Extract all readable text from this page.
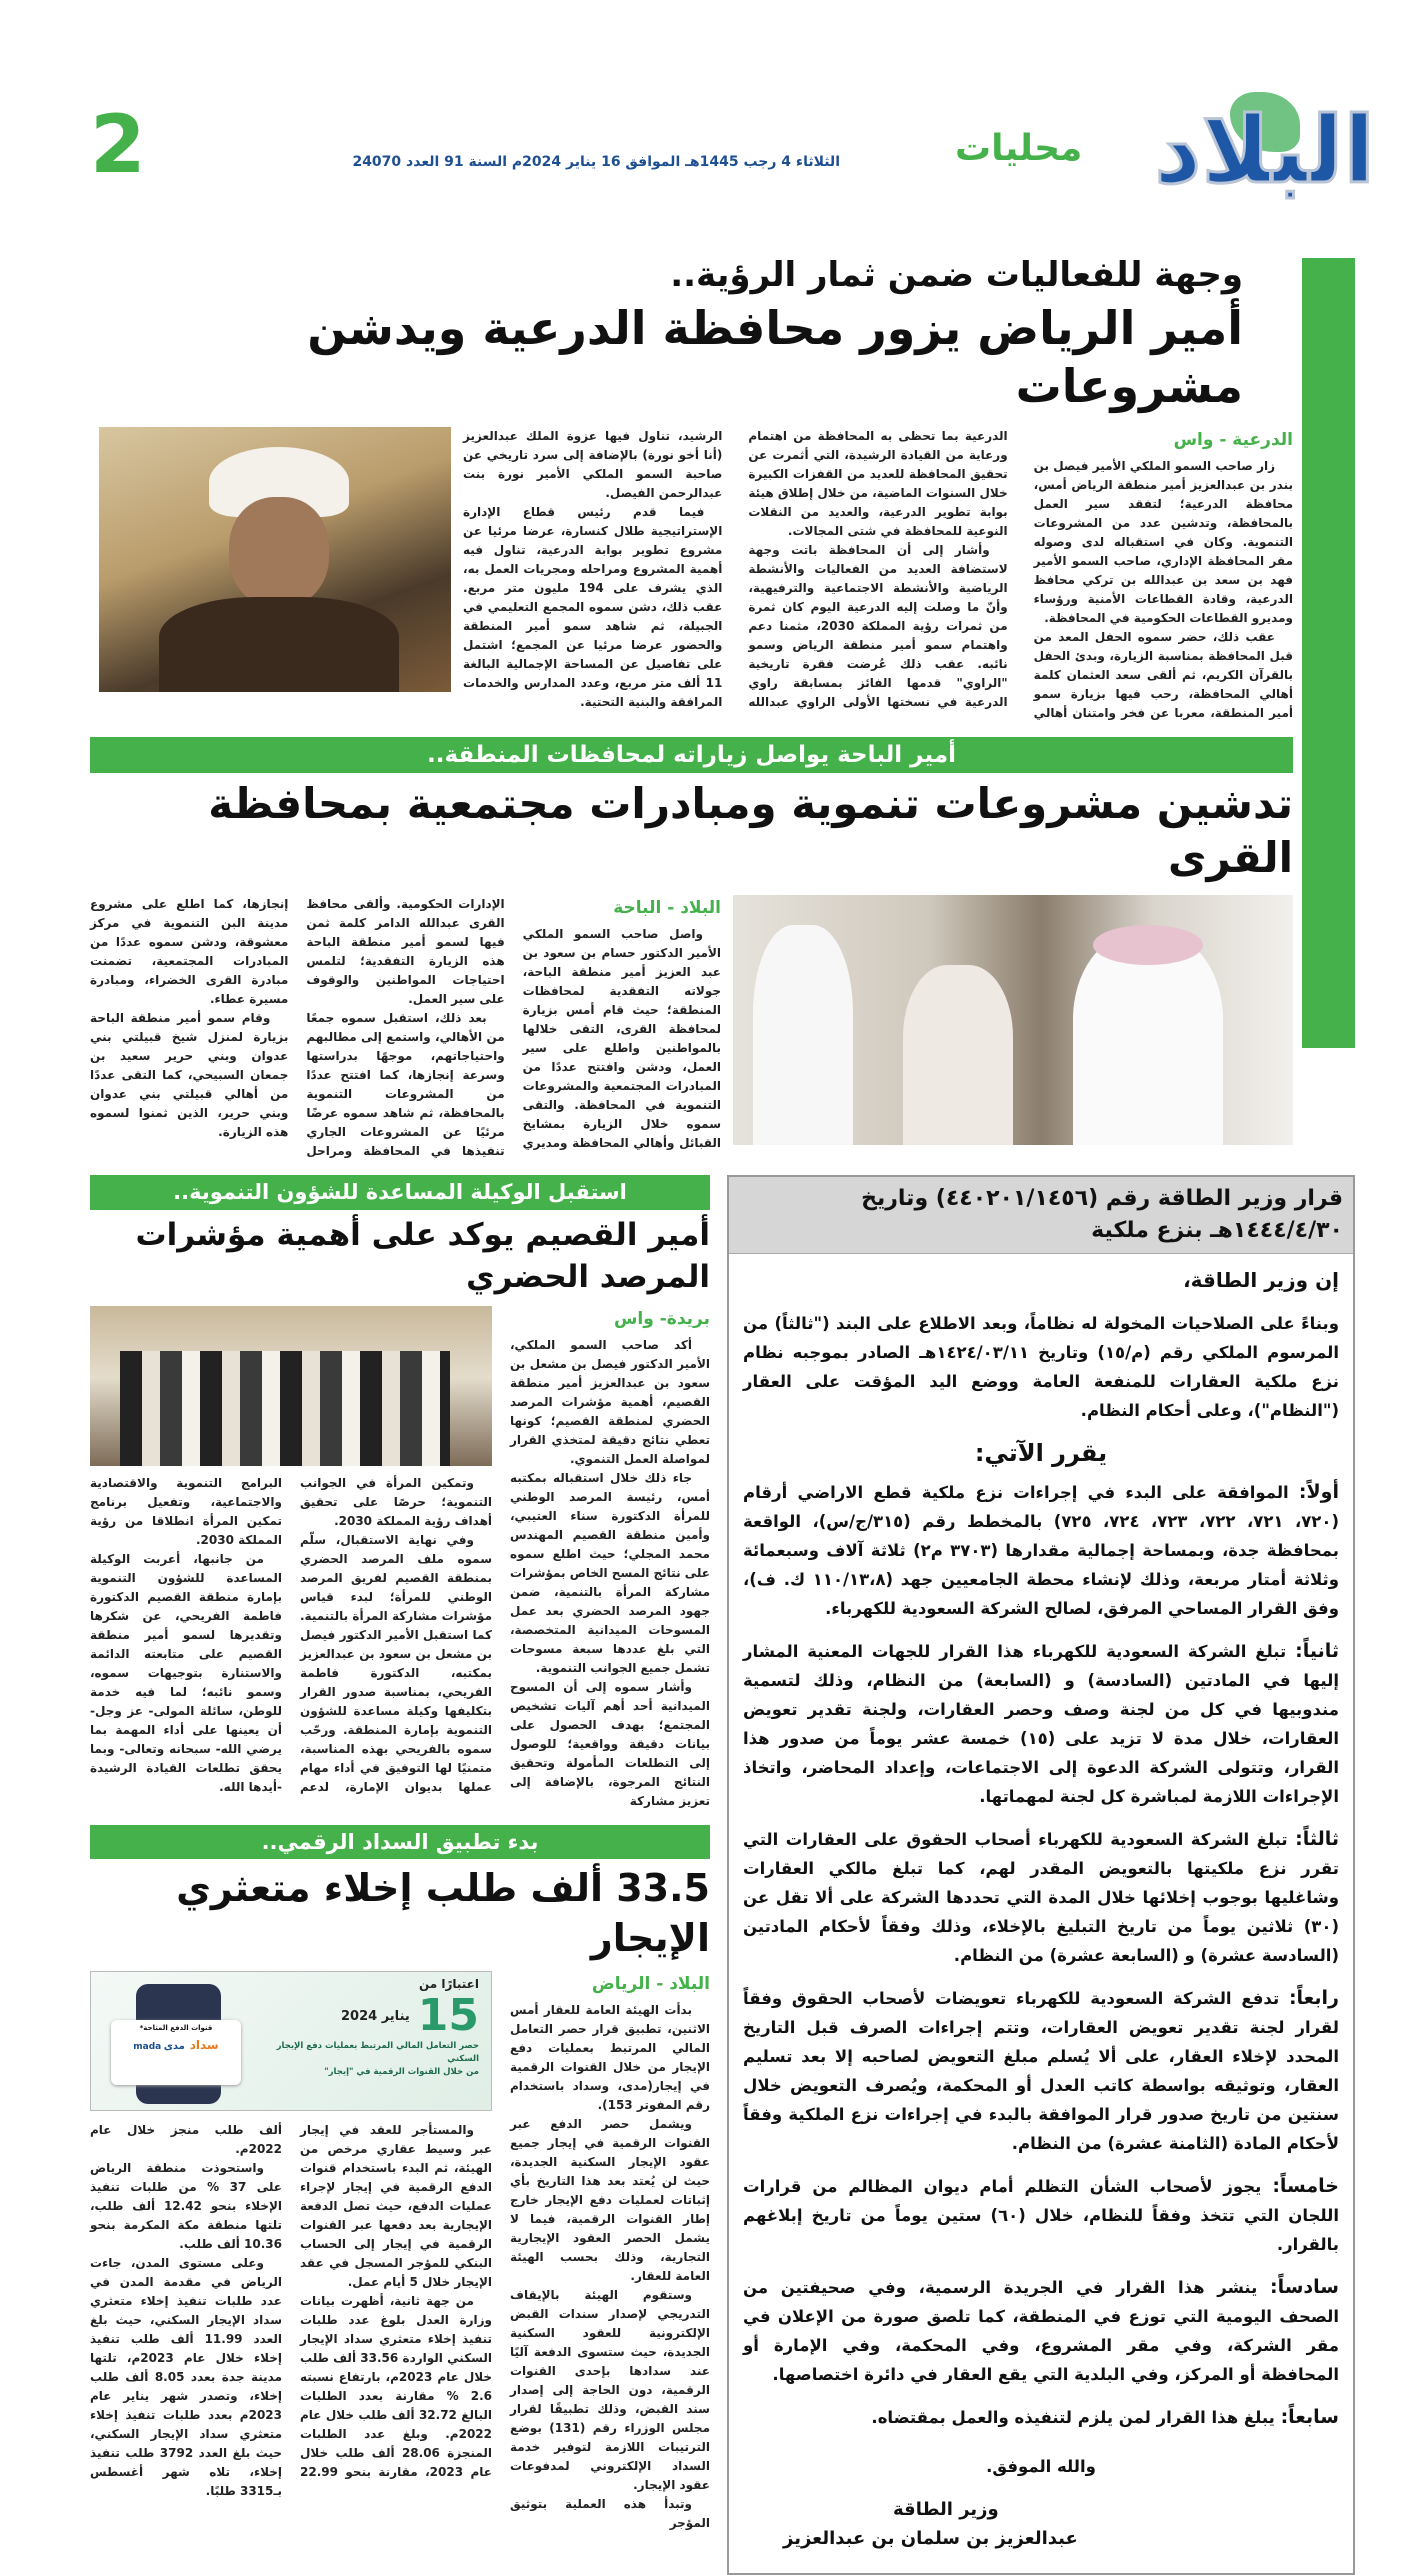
البلاد
محليات
الثلاثاء 4 رجب 1445هـ الموافق 16 يناير 2024م السنة 91 العدد 24070
2
وجهة للفعاليات ضمن ثمار الرؤية..
أمير الرياض يزور محافظة الدرعية ويدشن مشروعات

الدرعية - واس

زار صاحب السمو الملكي الأمير فيصل بن بندر بن عبدالعزيز أمير منطقة الرياض أمس، محافظة الدرعية؛ لتفقد سير العمل بالمحافظة، وتدشين عدد من المشروعات التنموية. وكان في استقباله لدى وصوله مقر المحافظة الإداري، صاحب السمو الأمير فهد بن سعد بن عبدالله بن تركي محافظ الدرعية، وقادة القطاعات الأمنية ورؤساء ومديرو القطاعات الحكومية في المحافظة.

عقب ذلك، حضر سموه الحفل المعد من قبل المحافظة بمناسبة الزيارة، وبدئ الحفل بالقرآن الكريم، ثم ألقى سعد العثمان كلمة أهالي المحافظة، رحب فيها بزيارة سمو أمير المنطقة، معربا عن فخر وامتنان أهالي الدرعية بما تحظى به المحافظة من اهتمام ورعاية من القيادة الرشيدة، التي أثمرت عن تحقيق المحافظة للعديد من القفزات الكبيرة خلال السنوات الماضية، من خلال إطلاق هيئة بوابة تطوير الدرعية، والعديد من النقلات النوعية للمحافظة في شتى المجالات.

وأشار إلى أن المحافظة باتت وجهة لاستضافة العديد من الفعاليات والأنشطة الرياضية والأنشطة الاجتماعية والترفيهية، وأنّ ما وصلت إليه الدرعية اليوم كان ثمرة من ثمرات رؤية المملكة 2030، مثمنا دعم واهتمام سمو أمير منطقة الرياض وسمو نائبه. عقب ذلك عُرضت فقرة تاريخية "الراوي" قدمها الفائز بمسابقة راوي الدرعية في نسختها الأولى الراوي عبدالله الرشيد، تناول فيها عزوة الملك عبدالعزيز (أنا أخو نورة) بالإضافة إلى سرد تاريخي عن صاحبة السمو الملكي الأمير نورة بنت عبدالرحمن الفيصل.

فيما قدم رئيس قطاع الإدارة الإستراتيجية طلال كنسارة، عرضا مرئيا عن مشروع تطوير بوابة الدرعية، تناول فيه أهمية المشروع ومراحله ومجريات العمل به، الذي يشرف على 194 مليون متر مربع. عقب ذلك، دشن سموه المجمع التعليمي في الجبيلة، ثم شاهد سمو أمير المنطقة والحضور عرضا مرئيا عن المجمع؛ اشتمل على تفاصيل عن المساحة الإجمالية البالغة 11 ألف متر مربع، وعدد المدارس والخدمات المرافقة والبنية التحتية.

أمير الباحة يواصل زياراته لمحافظات المنطقة..
تدشين مشروعات تنموية ومبادرات مجتمعية بمحافظة القرى

البلاد - الباحة

واصل صاحب السمو الملكي الأمير الدكتور حسام بن سعود بن عبد العزيز أمير منطقة الباحة، جولاته التفقدية لمحافظات المنطقة؛ حيث قام أمس بزيارة لمحافظة القرى، التقى خلالها بالمواطنين واطلع على سير العمل، ودشن وافتتح عددًا من المبادرات المجتمعية والمشروعات التنموية في المحافظة. والتقى سموه خلال الزيارة بمشايخ القبائل وأهالي المحافظة ومديري الإدارات الحكومية. وألقى محافظ القرى عبدالله الدامر كلمة ثمن فيها لسمو أمير منطقة الباحة هذه الزيارة التفقدية؛ لتلمس احتياجات المواطنين والوقوف على سير العمل.

بعد ذلك، استقبل سموه جمعًا من الأهالي، واستمع إلى مطالبهم واحتياجاتهم، موجهًا بدراستها وسرعة إنجازها، كما افتتح عددًا من المشروعات التنموية بالمحافظة، ثم شاهد سموه عرضًا مرئيًا عن المشروعات الجاري تنفيذها في المحافظة ومراحل إنجازها، كما اطلع على مشروع مدينة البن التنموية في مركز معشوقة، ودشن سموه عددًا من المبادرات المجتمعية، تضمنت مبادرة القرى الخضراء، ومبادرة مسيرة عطاء.

وقام سمو أمير منطقة الباحة بزيارة لمنزل شيخ قبيلتي بني عدوان وبني حرير سعيد بن جمعان السبيحي، كما التقى عددًا من أهالي قبيلتي بني عدوان وبني حرير، الذين ثمنوا لسموه هذه الزيارة.

قرار وزير الطاقة رقم (٤٤٠٢٠١/١٤٥٦) وتاريخ ١٤٤٤/٤/٣٠هـ بنزع ملكية

إن وزير الطاقة،

وبناءً على الصلاحيات المخولة له نظاماً، وبعد الاطلاع على البند ("ثالثاً) من المرسوم الملكي رقم (م/١٥) وتاريخ ١٤٢٤/٠٣/١١هـ الصادر بموجبه نظام نزع ملكية العقارات للمنفعة العامة ووضع اليد المؤقت على العقار ("النظام")، وعلى أحكام النظام.

يقرر الآتي:

أولاً: الموافقة على البدء في إجراءات نزع ملكية قطع الاراضي أرقام (٧٢٠، ٧٢١، ٧٢٢، ٧٢٣، ٧٢٤، ٧٢٥) بالمخطط رقم (٣١٥/ج/س)، الواقعة بمحافظة جدة، وبمساحة إجمالية مقدارها (٣٧٠٣ م٢) ثلاثة آلاف وسبعمائة وثلاثة أمتار مربعة، وذلك لإنشاء محطة الجامعيين جهد (١١٠/١٣،٨ ك. ف)، وفق القرار المساحي المرفق، لصالح الشركة السعودية للكهرباء.

ثانياً: تبلغ الشركة السعودية للكهرباء هذا القرار للجهات المعنية المشار إليها في المادتين (السادسة) و (السابعة) من النظام، وذلك لتسمية مندوبيها في كل من لجنة وصف وحصر العقارات، ولجنة تقدير تعويض العقارات، خلال مدة لا تزيد على (١٥) خمسة عشر يوماً من صدور هذا القرار، وتتولى الشركة الدعوة إلى الاجتماعات، وإعداد المحاضر، واتخاذ الإجراءات اللازمة لمباشرة كل لجنة لمهماتها.

ثالثاً: تبلغ الشركة السعودية للكهرباء أصحاب الحقوق على العقارات التي تقرر نزع ملكيتها بالتعويض المقدر لهم، كما تبلغ مالكي العقارات وشاغليها بوجوب إخلائها خلال المدة التي تحددها الشركة على ألا تقل عن (٣٠) ثلاثين يوماً من تاريخ التبليغ بالإخلاء، وذلك وفقاً لأحكام المادتين (السادسة عشرة) و (السابعة عشرة) من النظام.

رابعاً: تدفع الشركة السعودية للكهرباء تعويضات لأصحاب الحقوق وفقاً لقرار لجنة تقدير تعويض العقارات، وتتم إجراءات الصرف قبل التاريخ المحدد لإخلاء العقار، على ألا يُسلم مبلغ التعويض لصاحبه إلا بعد تسليم العقار، وتوثيقه بواسطة كاتب العدل أو المحكمة، ويُصرف التعويض خلال سنتين من تاريخ صدور قرار الموافقة بالبدء في إجراءات نزع الملكية وفقاً لأحكام المادة (الثامنة عشرة) من النظام.

خامساً: يجوز لأصحاب الشأن التظلم أمام ديوان المظالم من قرارات اللجان التي تتخذ وفقاً للنظام، خلال (٦٠) ستين يوماً من تاريخ إبلاغهم بالقرار.

سادساً: ينشر هذا القرار في الجريدة الرسمية، وفي صحيفتين من الصحف اليومية التي توزع في المنطقة، كما تلصق صورة من الإعلان في مقر الشركة، وفي مقر المشروع، وفي المحكمة، وفي الإمارة أو المحافظة أو المركز، وفي البلدية التي يقع العقار في دائرة اختصاصها.

سابعاً: يبلغ هذا القرار لمن يلزم لتنفيذه والعمل بمقتضاه.

والله الموفق.

وزير الطاقة
عبدالعزيز بن سلمان بن عبدالعزيز
استقبل الوكيلة المساعدة للشؤون التنموية..
أمير القصيم يوكد على أهمية مؤشرات المرصد الحضري

بريدة- واس

أكد صاحب السمو الملكي، الأمير الدكتور فيصل بن مشعل بن سعود بن عبدالعزيز أمير منطقة القصيم، أهمية مؤشرات المرصد الحضري لمنطقة القصيم؛ كونها تعطي نتائج دقيقة لمتخذي القرار لمواصلة العمل التنموي.

جاء ذلك خلال استقباله بمكتبه أمس، رئيسة المرصد الوطني للمرأة الدكتورة سناء العتيبي، وأمين منطقة القصيم المهندس محمد المجلي؛ حيث اطلع سموه على نتائج المسح الخاص بمؤشرات مشاركة المرأة بالتنمية، ضمن جهود المرصد الحضري بعد عمل المسوحات الميدانية المتخصصة، التي بلغ عددها سبعة مسوحات تشمل جميع الجوانب التنموية.

وأشار سموه إلى أن المسوح الميدانية أحد أهم آليات تشخيص المجتمع؛ بهدف الحصول على بيانات دقيقة وواقعية؛ للوصول إلى التطلعات المأمولة وتحقيق النتائج المرجوة، بالإضافة إلى تعزيز مشاركة

وتمكين المرأة في الجوانب التنموية؛ حرصًا على تحقيق أهداف رؤية المملكة 2030.

وفي نهاية الاستقبال، سلّم سموه ملف المرصد الحضري بمنطقة القصيم لفريق المرصد الوطني للمرأة؛ لبدء قياس مؤشرات مشاركة المرأة بالتنمية. كما استقبل الأمير الدكتور فيصل بن مشعل بن سعود بن عبدالعزيز بمكتبه، الدكتورة فاطمة الفريحي، بمناسبة صدور القرار بتكليفها وكيلة مساعدة للشؤون التنموية بإمارة المنطقة. ورحّب سموه بالفريحي بهذه المناسبة، متمنيًا لها التوفيق في أداء مهام عملها بديوان الإمارة، لدعم البرامج التنموية والاقتصادية والاجتماعية، وتفعيل برنامج تمكين المرأة انطلاقا من رؤية المملكة 2030.

من جانبها، أعربت الوكيلة المساعدة للشؤون التنموية بإمارة منطقة القصيم الدكتورة فاطمة الفريحي، عن شكرها وتقديرها لسمو أمير منطقة القصيم على متابعته الدائمة والاستنارة بتوجيهات سموه، وسمو نائبه؛ لما فيه خدمة للوطن، سائلة المولى- عز وجل- أن يعينها على أداء المهمة بما يرضي الله- سبحانه وتعالى- وبما يحقق تطلعات القيادة الرشيدة -أيدها الله.

بدء تطبيق السداد الرقمي..
33.5 ألف طلب إخلاء متعثري الإيجار

البلاد - الرياض

بدأت الهيئة العامة للعقار أمس الاثنين، تطبيق قرار حصر التعامل المالي المرتبط بعمليات دفع الإيجار من خلال القنوات الرقمية في إيجار(مدى، وسداد باستخدام رقم المفوتر 153).

ويشمل حصر الدفع عبر القنوات الرقمية في إيجار جميع عقود الإيجار السكنية الجديدة، حيث لن يُعتد بعد هذا التاريخ بأي إثباتات لعمليات دفع الإيجار خارج إطار القنوات الرقمية، فيما لا يشمل الحصر العقود الإيجارية التجارية، وذلك بحسب الهيئة العامة للعقار.

وستقوم الهيئة بالإيقاف التدريجي لإصدار سندات القبض الإلكترونية للعقود السكنية الجديدة، حيث ستسوى الدفعة آليًا عند سدادها بإحدى القنوات الرقمية، دون الحاجة إلى إصدار سند القبض، وذلك تطبيقًا لقرار مجلس الوزراء رقم (131) بوضع الترتيبات اللازمة لتوفير خدمة السداد الإلكتروني لمدفوعات عقود الإيجار.

وتبدأ هذه العملية بتوثيق المؤجر

قنوات الدفع المتاحة*
سداد  مدى mada
اعتبارًا من
15
يناير 2024
حصر التعامل المالي المرتبط بعمليات دفع الإيجار السكني
من خلال القنوات الرقمية في "إيجار"

والمستأجر للعقد في إيجار عبر وسيط عقاري مرخص من الهيئة، ثم البدء باستخدام قنوات الدفع الرقمية في إيجار لإجراء عمليات الدفع، حيث تصل الدفعة الإيجارية بعد دفعها عبر القنوات الرقمية في إيجار إلى الحساب البنكي للمؤجر المسجل في عقد الإيجار خلال 5 أيام عمل.

من جهة ثانية، أظهرت بيانات وزارة العدل بلوغ عدد طلبات تنفيذ إخلاء متعثري سداد الإيجار السكني الواردة 33.56 ألف طلب خلال عام 2023م، بارتفاع نسبته 2.6 % مقارنة بعدد الطلبات البالغ 32.72 ألف طلب خلال عام 2022م. وبلغ عدد الطلبات المنجزة 28.06 ألف طلب خلال عام 2023، مقارنة بنحو 22.99 ألف طلب منجز خلال عام 2022م.

واستحوذت منطقة الرياض على 37 % من طلبات تنفيذ الإخلاء بنحو 12.42 ألف طلب، تلتها منطقة مكة المكرمة بنحو 10.36 ألف طلب.

وعلى مستوى المدن، جاءت الرياض في مقدمة المدن في عدد طلبات تنفيذ إخلاء متعثري سداد الإيجار السكني، حيث بلغ العدد 11.99 ألف طلب تنفيذ إخلاء خلال عام 2023م، تلتها مدينة جدة بعدد 8.05 ألف طلب إخلاء، وتصدر شهر يناير عام 2023م بعدد طلبات تنفيذ إخلاء متعثري سداد الإيجار السكني، حيث بلغ العدد 3792 طلب تنفيذ إخلاء، تلاه شهر أغسطس بـ3315 طلبًا.
